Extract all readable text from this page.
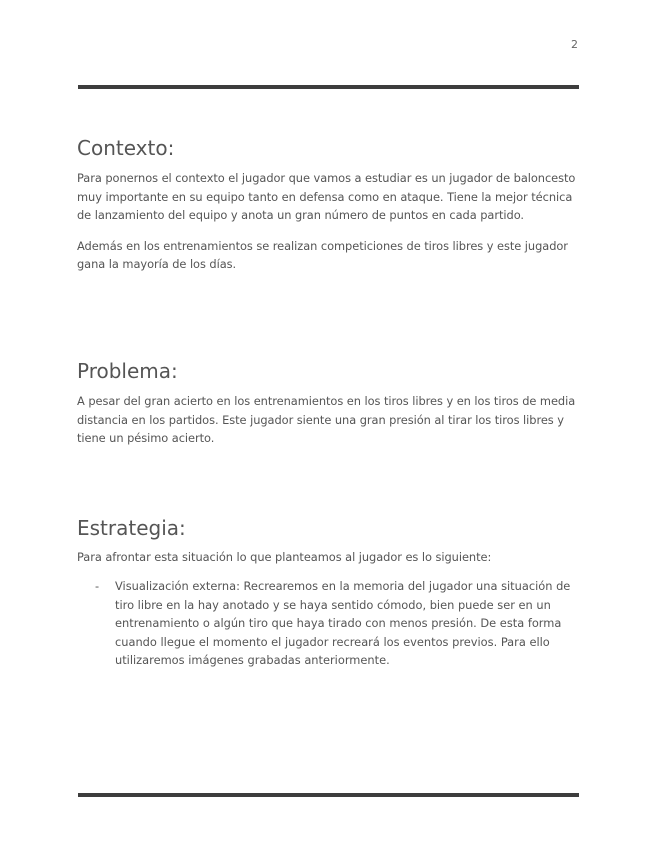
2
Contexto:

Para ponernos el contexto el jugador que vamos a estudiar es un jugador de baloncesto muy importante en su equipo tanto en defensa como en ataque. Tiene la mejor técnica de lanzamiento del equipo y anota un gran número de puntos en cada partido.

Además en los entrenamientos se realizan competiciones de tiros libres y este jugador gana la mayoría de los días.

Problema:

A pesar del gran acierto en los entrenamientos en los tiros libres y en los tiros de media distancia en los partidos. Este jugador siente una gran presión al tirar los tiros libres y tiene un pésimo acierto.

Estrategia:

Para afrontar esta situación lo que planteamos al jugador es lo siguiente:

-	Visualización externa: Recrearemos en la memoria del jugador una situación de tiro libre en la hay anotado y se haya sentido cómodo, bien puede ser en un entrenamiento o algún tiro que haya tirado con menos presión. De esta forma cuando llegue el momento el jugador recreará los eventos previos. Para ello utilizaremos imágenes grabadas anteriormente.
